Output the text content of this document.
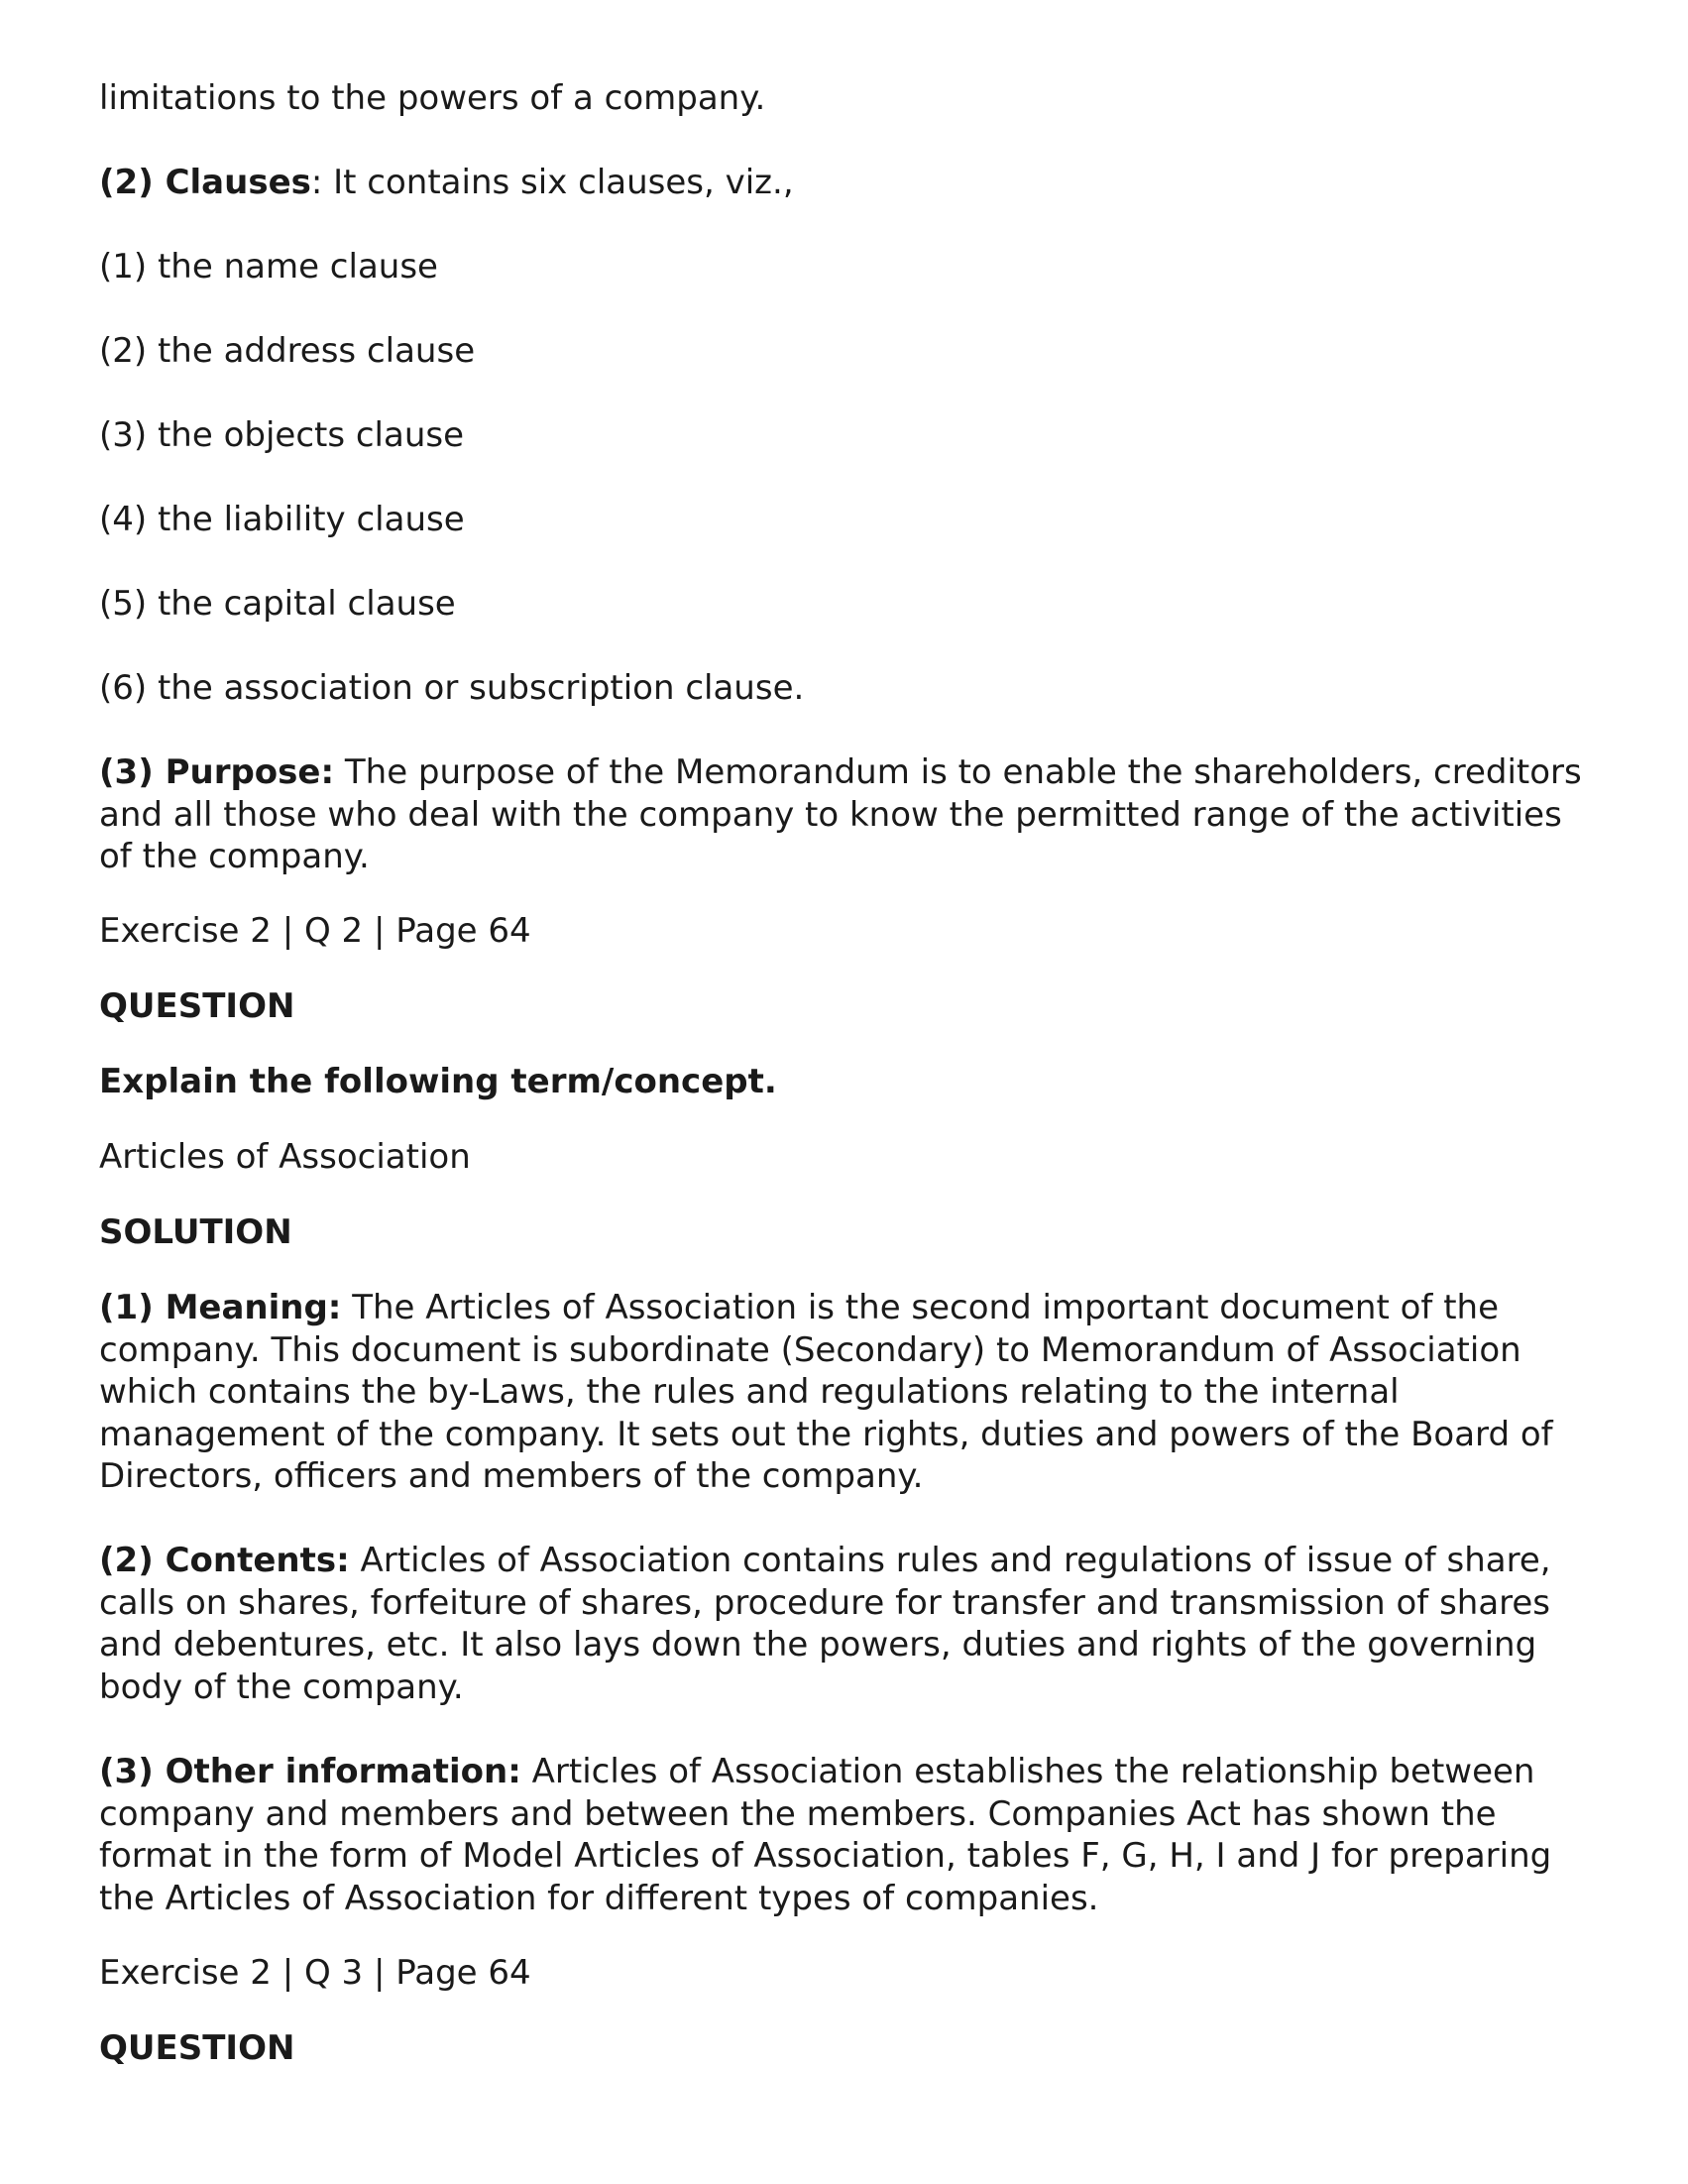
limitations to the powers of a company.

(2) Clauses: It contains six clauses, viz.,

(1) the name clause

(2) the address clause

(3) the objects clause

(4) the liability clause

(5) the capital clause

(6) the association or subscription clause.

(3) Purpose: The purpose of the Memorandum is to enable the shareholders, creditors and all those who deal with the company to know the permitted range of the activities of the company.

Exercise 2 | Q 2 | Page 64

QUESTION

Explain the following term/concept.

Articles of Association

SOLUTION

(1) Meaning: The Articles of Association is the second important document of the company. This document is subordinate (Secondary) to Memorandum of Association which contains the by-Laws, the rules and regulations relating to the internal management of the company. It sets out the rights, duties and powers of the Board of Directors, officers and members of the company.

(2) Contents: Articles of Association contains rules and regulations of issue of share, calls on shares, forfeiture of shares, procedure for transfer and transmission of shares and debentures, etc. It also lays down the powers, duties and rights of the governing body of the company.

(3) Other information: Articles of Association establishes the relationship between company and members and between the members. Companies Act has shown the format in the form of Model Articles of Association, tables F, G, H, I and J for preparing the Articles of Association for different types of companies.

Exercise 2 | Q 3 | Page 64

QUESTION
